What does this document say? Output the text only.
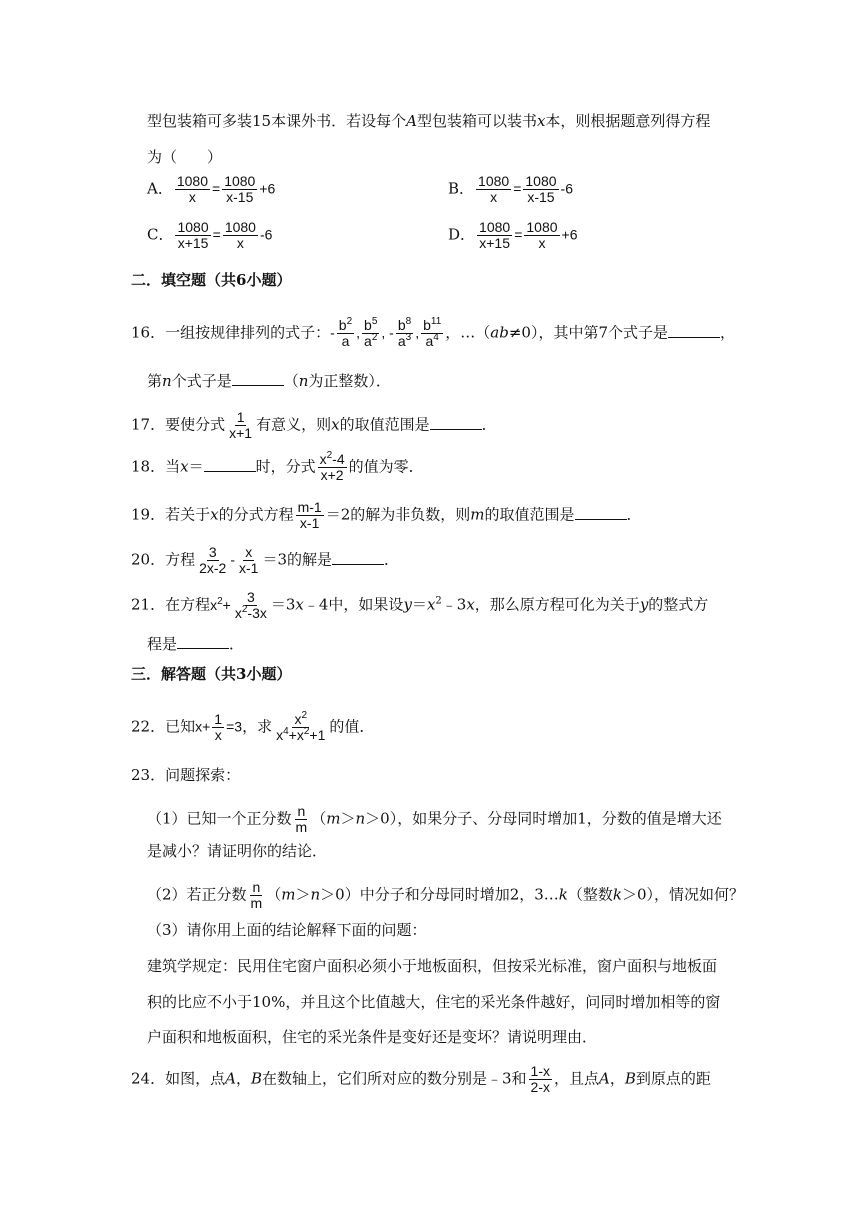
型包装箱可多装15本课外书．若设每个A型包装箱可以装书x本，则根据题意列得方程
为（　　）
A． $\frac{1080}{x} = \frac{1080}{x-15} +6$	B． $\frac{1080}{x} = \frac{1080}{x-15} -6$
C． $\frac{1080}{x+15} = \frac{1080}{x} -6$	D． $\frac{1080}{x+15} = \frac{1080}{x} +6$
二．填空题（共6小题）
16．一组按规律排列的式子：- $\frac{b^2}{a}$ , $\frac{b^5}{a^2}$ , - $\frac{b^8}{a^3}$ , $\frac{b^{11}}{a^4}$ ，…（ab≠0），其中第7个式子是	，
第n个式子是	（n为正整数）．
17．要使分式 $\frac{1}{x+1}$ 有意义，则x的取值范围是	．
18．当x＝	时，分式 $\frac{x^2-4}{x+2}$ 的值为零．
19．若关于x的分式方程 $\frac{m-1}{x-1} =2$的解为非负数，则m的取值范围是	．
20．方程 $\frac{3}{2x-2} - \frac{x}{x-1} =3$的解是	．
21．在方程$x^2+ \frac{3}{x^2-3x}$ ＝3x﹣4中，如果设$y=x^2﹣3x$，那么原方程可化为关于y的整式方
程是	．
三．解答题（共3小题）
22．已知$x+ \frac{1}{x} =3$，求 $\frac{x^2}{x^4+x^2+1}$ 的值．
23．问题探索：
（1）已知一个正分数 $\frac{n}{m} (m>n>0)$，如果分子、分母同时增加1，分数的值是增大还
是减小？请证明你的结论．
（2）若正分数 $\frac{n}{m} (m>n>0)$中分子和分母同时增加2，3…k（整数k＞0），情况如何？
（3）请你用上面的结论解释下面的问题：
建筑学规定：民用住宅窗户面积必须小于地板面积，但按采光标准，窗户面积与地板面
积的比应不小于10%，并且这个比值越大，住宅的采光条件越好，问同时增加相等的窗
户面积和地板面积，住宅的采光条件是变好还是变坏？请说明理由．
24．如图，点A，B在数轴上，它们所对应的数分别是﹣3和 $\frac{1-x}{2-x}$ ，且点A，B到原点的距
